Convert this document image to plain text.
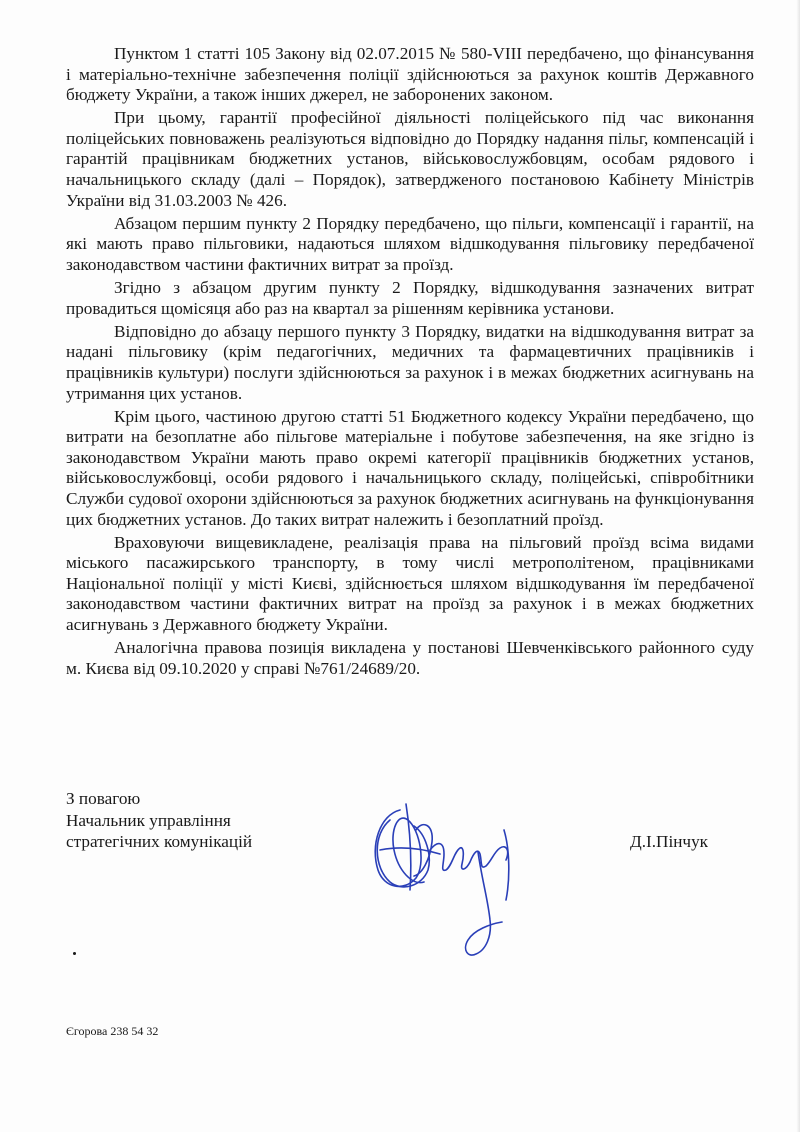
Пунктом 1 статті 105 Закону від 02.07.2015 № 580-VIII передбачено, що фінансування і матеріально-технічне забезпечення поліції здійснюються за рахунок коштів Державного бюджету України, а також інших джерел, не заборонених законом.

При цьому, гарантії професійної діяльності поліцейського під час виконання поліцейських повноважень реалізуються відповідно до Порядку надання пільг, компенсацій і гарантій працівникам бюджетних установ, військовослужбовцям, особам рядового і начальницького складу (далі – Порядок), затвердженого постановою Кабінету Міністрів України від 31.03.2003 № 426.

Абзацом першим пункту 2 Порядку передбачено, що пільги, компенсації і гарантії, на які мають право пільговики, надаються шляхом відшкодування пільговику передбаченої законодавством частини фактичних витрат за проїзд.

Згідно з абзацом другим пункту 2 Порядку, відшкодування зазначених витрат провадиться щомісяця або раз на квартал за рішенням керівника установи.

Відповідно до абзацу першого пункту 3 Порядку, видатки на відшкодування витрат за надані пільговику (крім педагогічних, медичних та фармацевтичних працівників і працівників культури) послуги здійснюються за рахунок і в межах бюджетних асигнувань на утримання цих установ.

Крім цього, частиною другою статті 51 Бюджетного кодексу України передбачено, що витрати на безоплатне або пільгове матеріальне і побутове забезпечення, на яке згідно із законодавством України мають право окремі категорії працівників бюджетних установ, військовослужбовці, особи рядового і начальницького складу, поліцейські, співробітники Служби судової охорони здійснюються за рахунок бюджетних асигнувань на функціонування цих бюджетних установ. До таких витрат належить і безоплатний проїзд.

Враховуючи вищевикладене, реалізація права на пільговий проїзд всіма видами міського пасажирського транспорту, в тому числі метрополітеном, працівниками Національної поліції у місті Києві, здійснюється шляхом відшкодування їм передбаченої законодавством частини фактичних витрат на проїзд за рахунок і в межах бюджетних асигнувань з Державного бюджету України.

Аналогічна правова позиція викладена у постанові Шевченківського районного суду м. Києва від 09.10.2020 у справі №761/24689/20.

З повагою
Начальник управління
стратегічних комунікацій	Д.І.Пінчук
Єгорова 238 54 32
